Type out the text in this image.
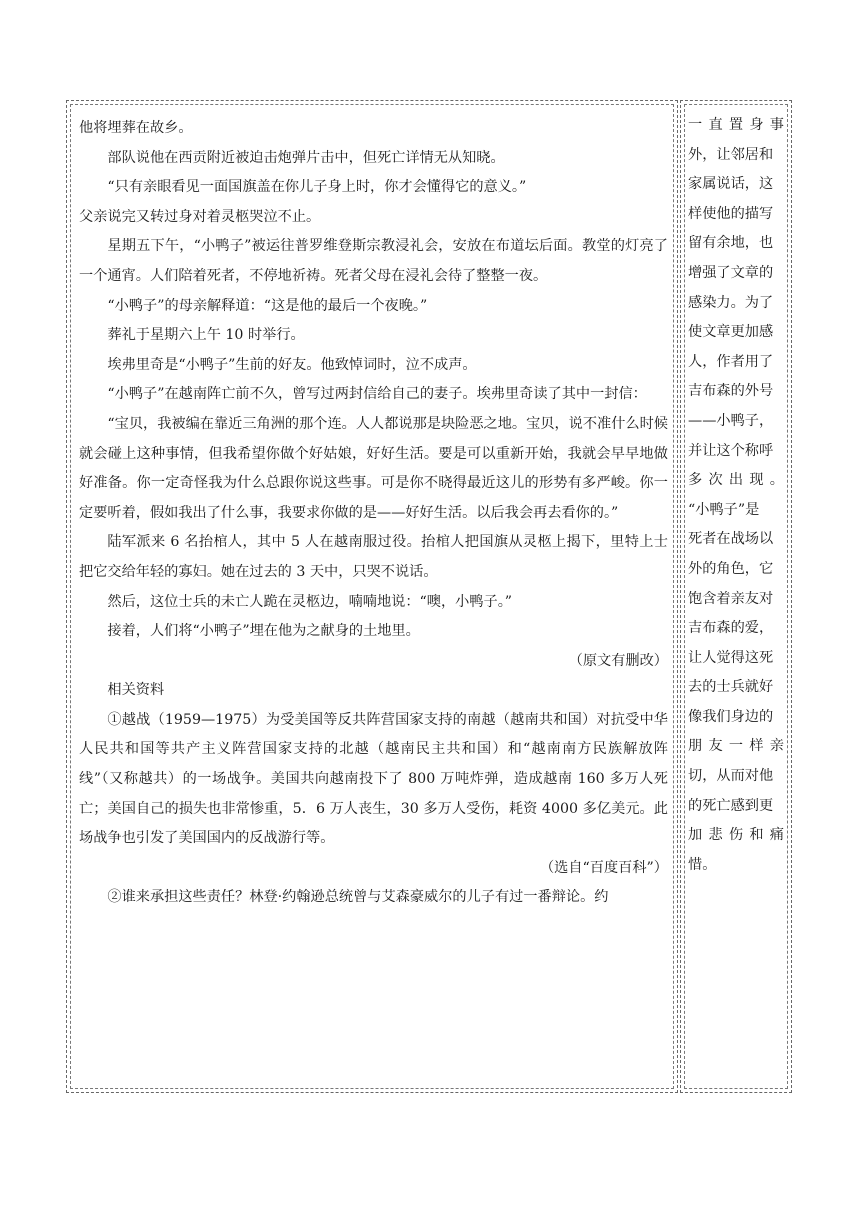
他将埋葬在故乡。

部队说他在西贡附近被迫击炮弹片击中，但死亡详情无从知晓。

“只有亲眼看见一面国旗盖在你儿子身上时，你才会懂得它的意义。”

父亲说完又转过身对着灵柩哭泣不止。

星期五下午，“小鸭子”被运往普罗维登斯宗教浸礼会，安放在布道坛后面。教堂的灯亮了一个通宵。人们陪着死者，不停地祈祷。死者父母在浸礼会待了整整一夜。

“小鸭子”的母亲解释道：“这是他的最后一个夜晚。”

葬礼于星期六上午 10 时举行。

埃弗里奇是“小鸭子”生前的好友。他致悼词时，泣不成声。

“小鸭子”在越南阵亡前不久，曾写过两封信给自己的妻子。埃弗里奇读了其中一封信：

“宝贝，我被编在靠近三角洲的那个连。人人都说那是块险恶之地。宝贝，说不准什么时候就会碰上这种事情，但我希望你做个好姑娘，好好生活。要是可以重新开始，我就会早早地做好准备。你一定奇怪我为什么总跟你说这些事。可是你不晓得最近这儿的形势有多严峻。你一定要听着，假如我出了什么事，我要求你做的是——好好生活。以后我会再去看你的。”

陆军派来 6 名抬棺人，其中 5 人在越南服过役。抬棺人把国旗从灵柩上揭下，里特上士把它交给年轻的寡妇。她在过去的 3 天中，只哭不说话。

然后，这位士兵的未亡人跪在灵柩边，喃喃地说：“噢，小鸭子。”

接着，人们将“小鸭子”埋在他为之献身的土地里。

（原文有删改）

相关资料

①越战（1959—1975）为受美国等反共阵营国家支持的南越（越南共和国）对抗受中华人民共和国等共产主义阵营国家支持的北越（越南民主共和国）和“越南南方民族解放阵线”（又称越共）的一场战争。美国共向越南投下了 800 万吨炸弹，造成越南 160 多万人死亡；美国自己的损失也非常惨重，5．6 万人丧生，30 多万人受伤，耗资 4000 多亿美元。此场战争也引发了美国国内的反战游行等。

（选自“百度百科”）

②谁来承担这些责任？林登·约翰逊总统曾与艾森豪威尔的儿子有过一番辩论。约

一 直 置 身 事
外，让邻居和
家属说话，这
样使他的描写
留有余地，也
增强了文章的
感染力。为了
使文章更加感
人，作者用了
吉布森的外号
——小鸭子，
并让这个称呼
多 次 出 现 。
“小鸭子”是
死者在战场以
外的角色，它
饱含着亲友对
吉布森的爱，
让人觉得这死
去的士兵就好
像我们身边的
朋 友 一 样 亲
切，从而对他
的死亡感到更
加 悲 伤 和 痛
惜。
